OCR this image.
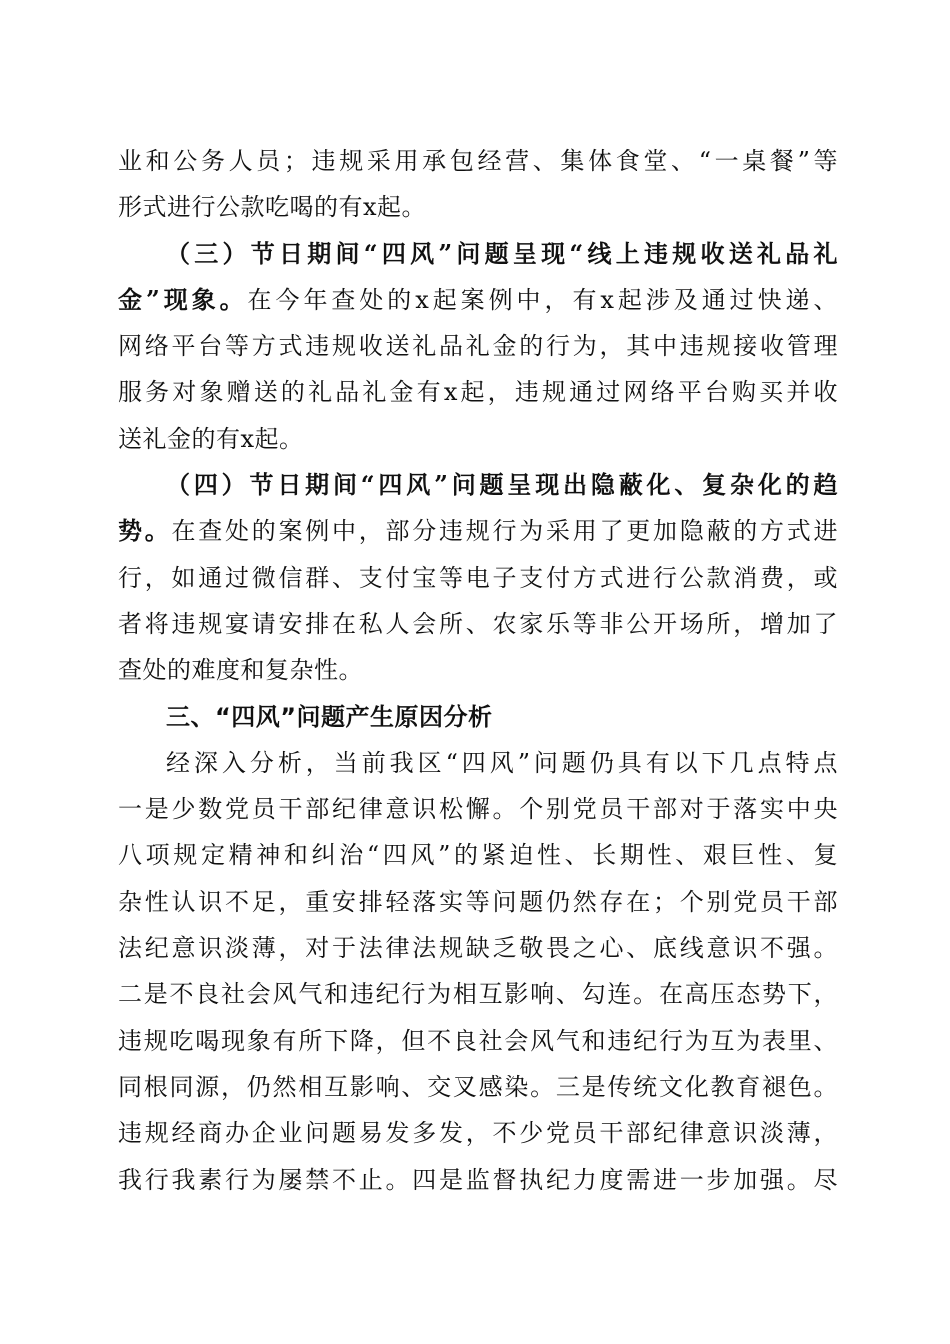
业和公务人员；违规采用承包经营、集体食堂、“一桌餐”等
形式进行公款吃喝的有x起。
（三）节日期间“四风”问题呈现“线上违规收送礼品礼
金”现象。在今年查处的x起案例中，有x起涉及通过快递、
网络平台等方式违规收送礼品礼金的行为，其中违规接收管理
服务对象赠送的礼品礼金有x起，违规通过网络平台购买并收
送礼金的有x起。
（四）节日期间“四风”问题呈现出隐蔽化、复杂化的趋
势。在查处的案例中，部分违规行为采用了更加隐蔽的方式进
行，如通过微信群、支付宝等电子支付方式进行公款消费，或
者将违规宴请安排在私人会所、农家乐等非公开场所，增加了
查处的难度和复杂性。
三、“四风”问题产生原因分析
经深入分析，当前我区“四风”问题仍具有以下几点特点
一是少数党员干部纪律意识松懈。个别党员干部对于落实中央
八项规定精神和纠治“四风”的紧迫性、长期性、艰巨性、复
杂性认识不足，重安排轻落实等问题仍然存在；个别党员干部
法纪意识淡薄，对于法律法规缺乏敬畏之心、底线意识不强。
二是不良社会风气和违纪行为相互影响、勾连。在高压态势下，
违规吃喝现象有所下降，但不良社会风气和违纪行为互为表里、
同根同源，仍然相互影响、交叉感染。三是传统文化教育褪色。
违规经商办企业问题易发多发，不少党员干部纪律意识淡薄，
我行我素行为屡禁不止。四是监督执纪力度需进一步加强。尽
